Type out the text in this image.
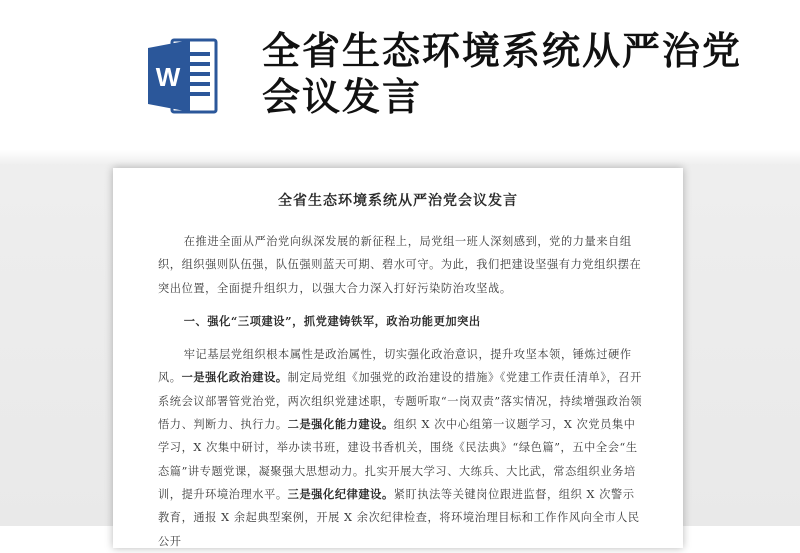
W
全省生态环境系统从严治党会议发言
全省生态环境系统从严治党会议发言

在推进全面从严治党向纵深发展的新征程上，局党组一班人深刻感到，党的力量来自组织，组织强则队伍强，队伍强则蓝天可期、碧水可守。为此，我们把建设坚强有力党组织摆在突出位置，全面提升组织力，以强大合力深入打好污染防治攻坚战。

一、强化“三项建设”，抓党建铸铁军，政治功能更加突出

牢记基层党组织根本属性是政治属性，切实强化政治意识，提升攻坚本领，锤炼过硬作风。一是强化政治建设。制定局党组《加强党的政治建设的措施》《党建工作责任清单》，召开系统会议部署管党治党，两次组织党建述职，专题听取“一岗双责”落实情况，持续增强政治领悟力、判断力、执行力。二是强化能力建设。组织 X 次中心组第一议题学习，X 次党员集中学习，X 次集中研讨，举办读书班，建设书香机关，围绕《民法典》“绿色篇”，五中全会“生态篇”讲专题党课，凝聚强大思想动力。扎实开展大学习、大练兵、大比武，常态组织业务培训，提升环境治理水平。三是强化纪律建设。紧盯执法等关键岗位跟进监督，组织 X 次警示教育，通报 X 余起典型案例，开展 X 余次纪律检查，将环境治理目标和工作作风向全市人民公开
